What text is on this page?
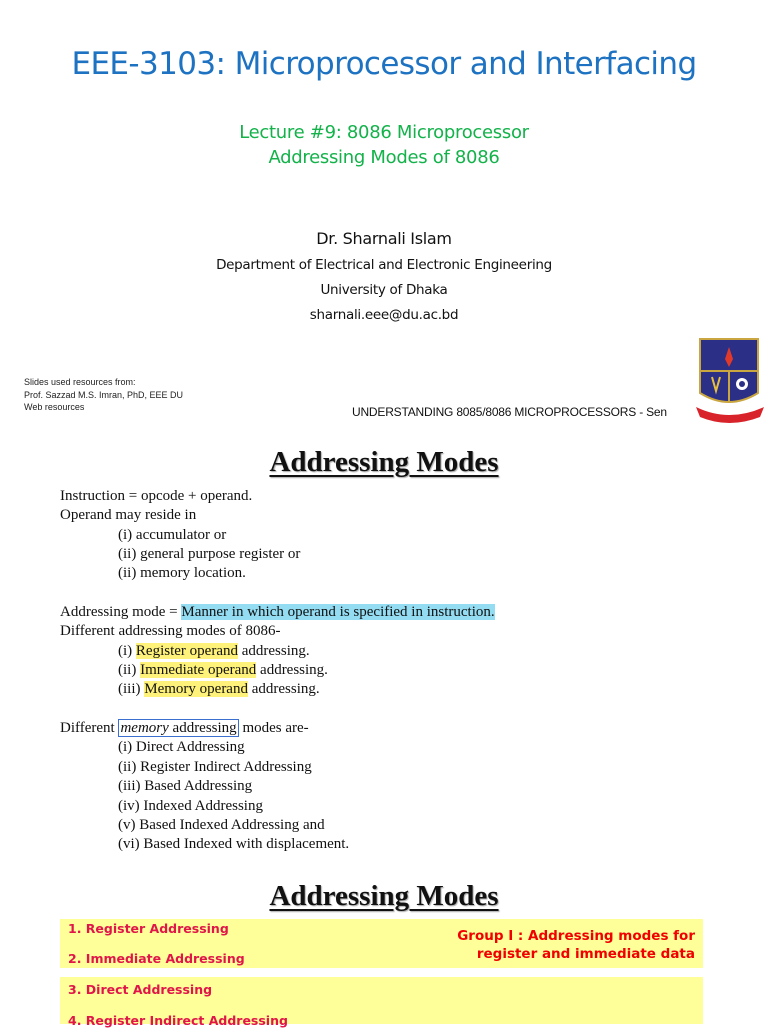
EEE-3103: Microprocessor and Interfacing
Lecture #9: 8086 Microprocessor
Addressing Modes of 8086
Dr. Sharnali Islam
Department of Electrical and Electronic Engineering
University of Dhaka
sharnali.eee@du.ac.bd
Slides used resources from:
Prof. Sazzad M.S. Imran, PhD, EEE DU
Web resources	UNDERSTANDING 8085/8086 MICROPROCESSORS - Sen
Addressing Modes
Instruction = opcode + operand.
Operand may reside in
(i) accumulator or
(ii) general purpose register or
(ii) memory location.

Addressing mode = Manner in which operand is specified in instruction.
Different addressing modes of 8086-
(i) Register operand addressing.
(ii) Immediate operand addressing.
(iii) Memory operand addressing.

Different memory addressing modes are-
(i) Direct Addressing
(ii) Register Indirect Addressing
(iii) Based Addressing
(iv) Indexed Addressing
(v) Based Indexed Addressing and
(vi) Based Indexed with displacement.
Addressing Modes
1. Register Addressing
2. Immediate Addressing
Group I : Addressing modes for
register and immediate data
3. Direct Addressing
4. Register Indirect Addressing
